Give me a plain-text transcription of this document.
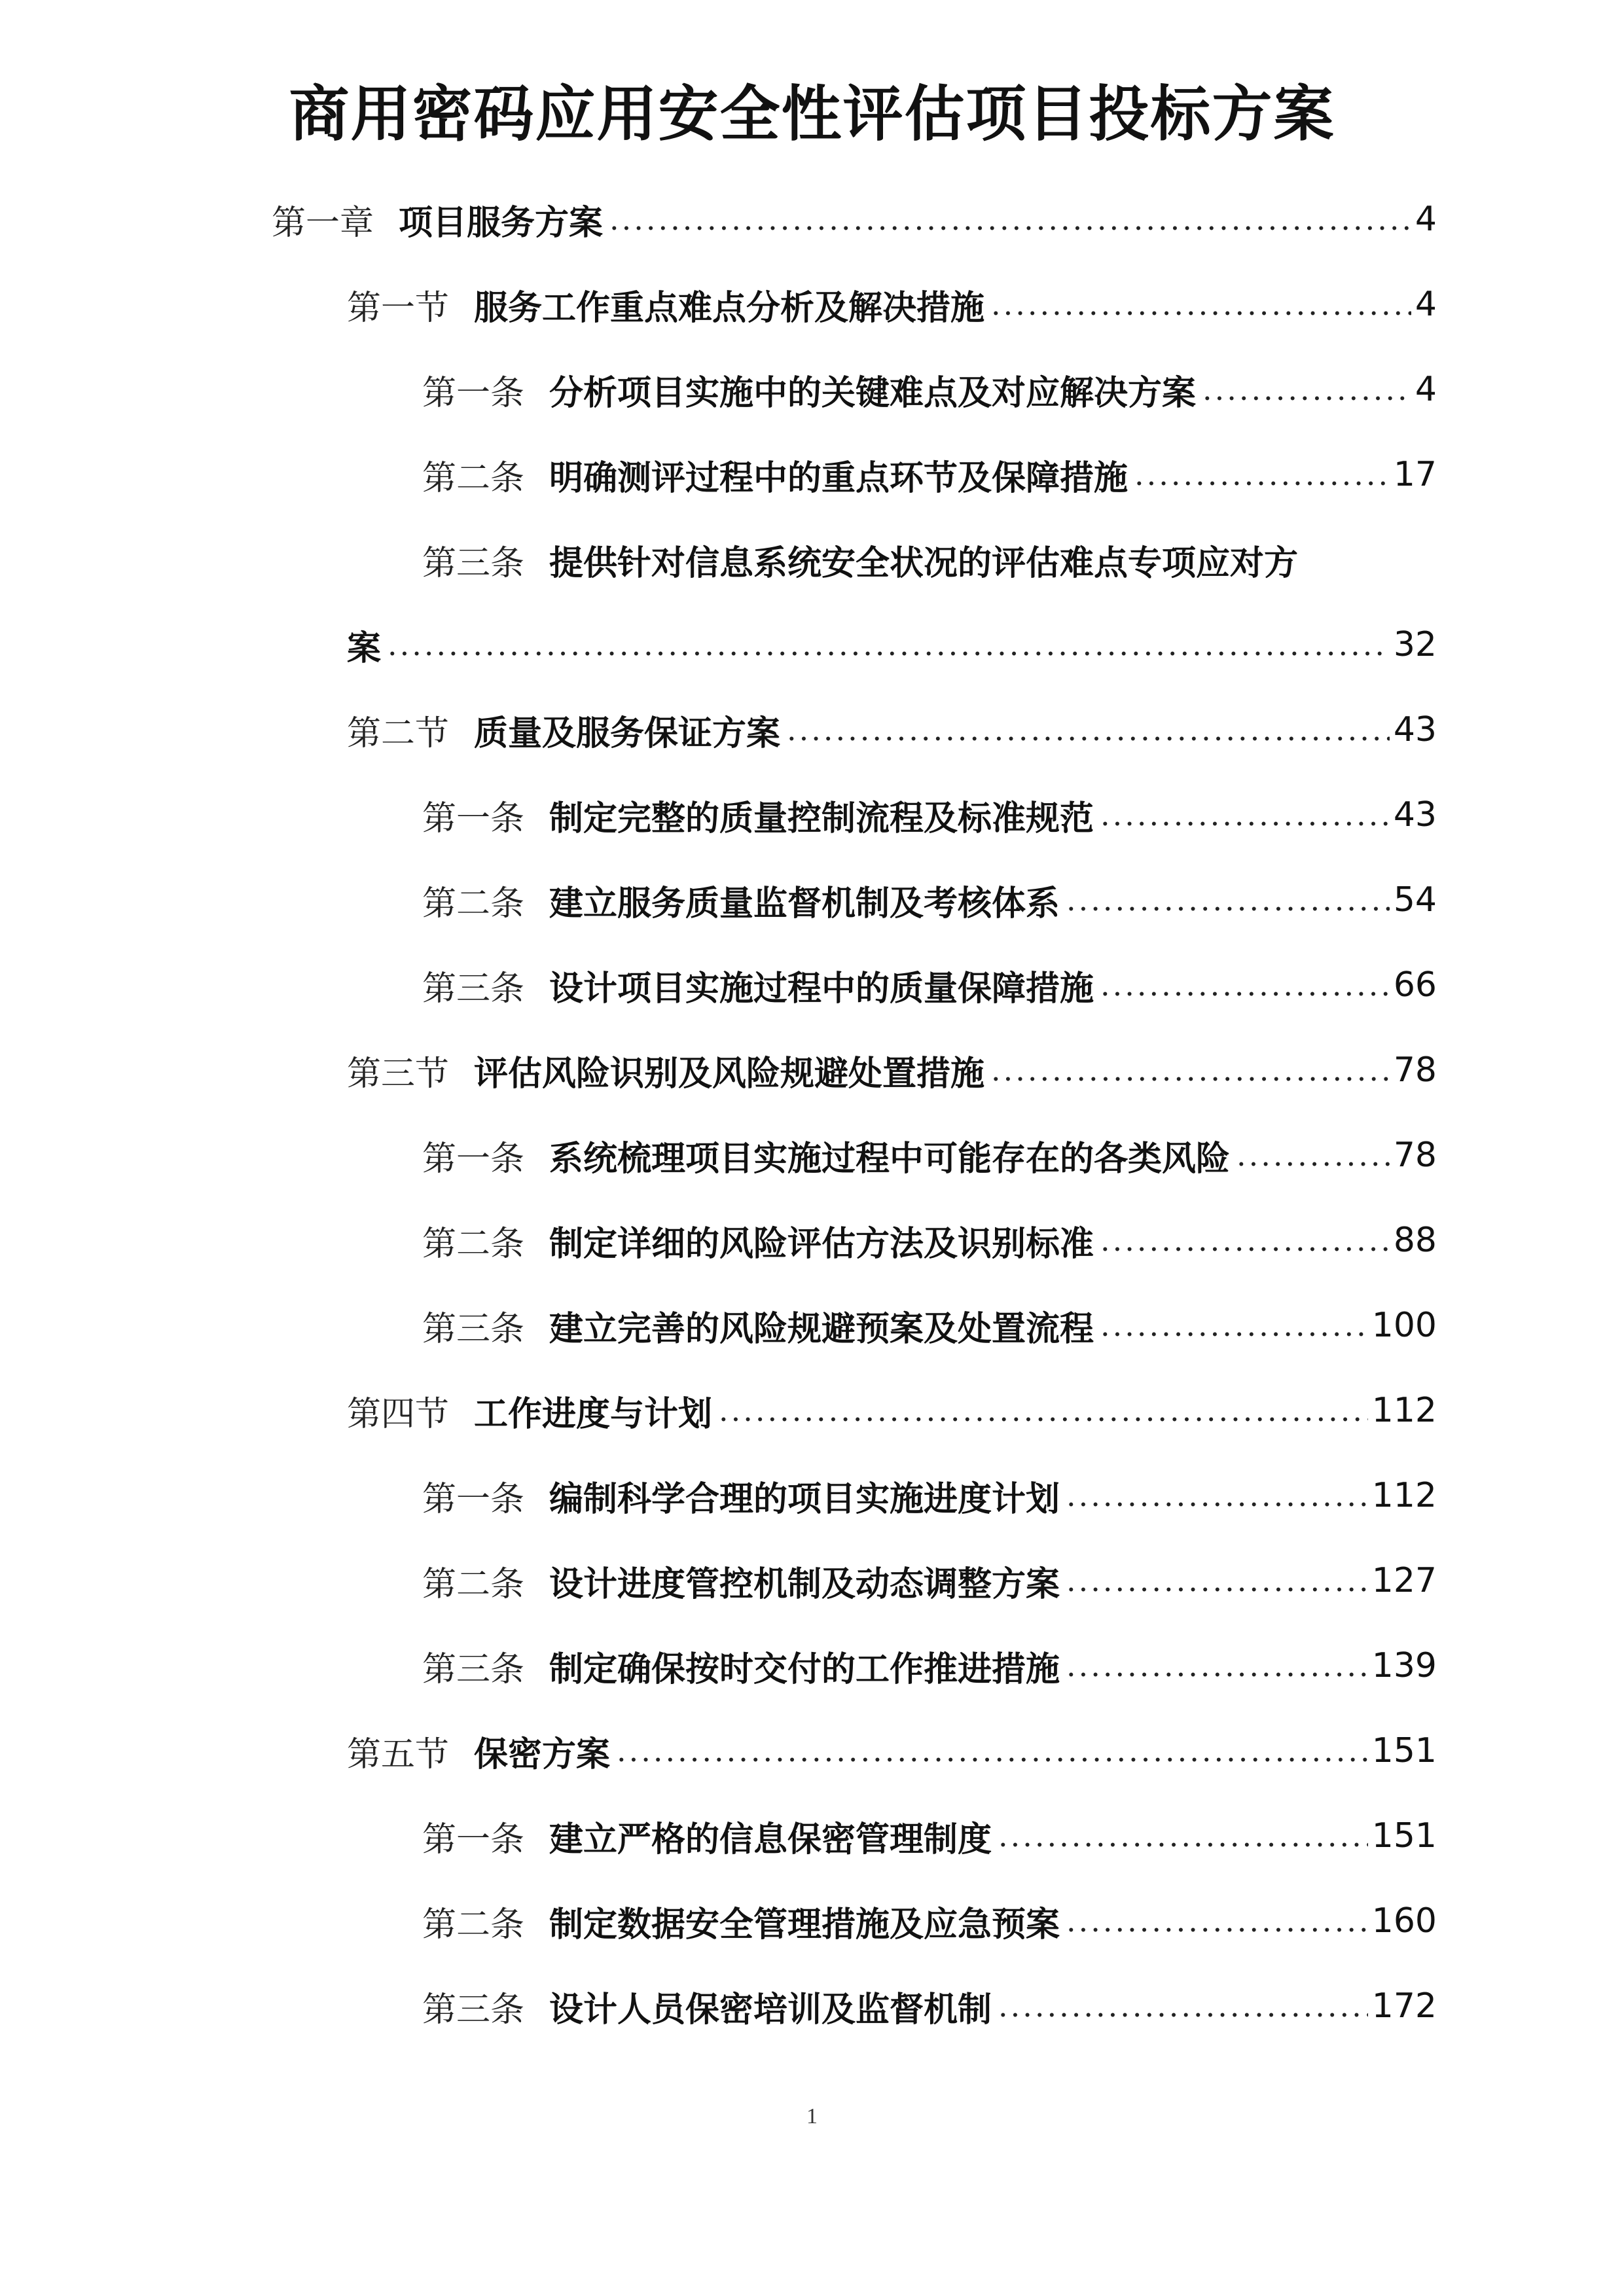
商用密码应用安全性评估项目投标方案
第一章 项目服务方案 .....	4
第一节 服务工作重点难点分析及解决措施 .....	4
第一条 分析项目实施中的关键难点及对应解决方案 .....	4
第二条 明确测评过程中的重点环节及保障措施 .....	17
第三条 提供针对信息系统安全状况的评估难点专项应对方
案 .....	32
第二节 质量及服务保证方案 .....	43
第一条 制定完整的质量控制流程及标准规范 .....	43
第二条 建立服务质量监督机制及考核体系 .....	54
第三条 设计项目实施过程中的质量保障措施 .....	66
第三节 评估风险识别及风险规避处置措施 .....	78
第一条 系统梳理项目实施过程中可能存在的各类风险 .....	78
第二条 制定详细的风险评估方法及识别标准 .....	88
第三条 建立完善的风险规避预案及处置流程 .....	100
第四节 工作进度与计划 .....	112
第一条 编制科学合理的项目实施进度计划 .....	112
第二条 设计进度管控机制及动态调整方案 .....	127
第三条 制定确保按时交付的工作推进措施 .....	139
第五节 保密方案 .....	151
第一条 建立严格的信息保密管理制度 .....	151
第二条 制定数据安全管理措施及应急预案 .....	160
第三条 设计人员保密培训及监督机制 .....	172
1
